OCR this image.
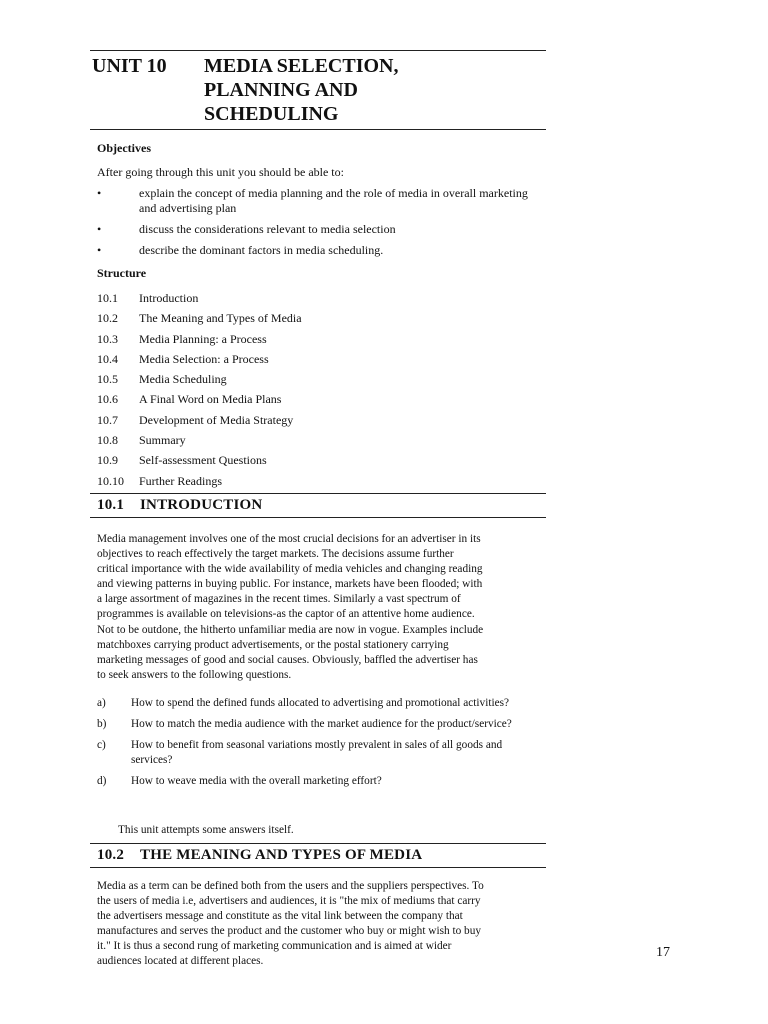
UNIT 10 MEDIA SELECTION,
PLANNING AND
SCHEDULING
Objectives
After going through this unit you should be able to:
•	explain the concept of media planning and the role of media in overall marketing and advertising plan
•	discuss the considerations relevant to media selection
•	describe the dominant factors in media scheduling.
Structure
10.1 Introduction
10.2 The Meaning and Types of Media
10.3 Media Planning: a Process
10.4 Media Selection: a Process
10.5 Media Scheduling
10.6 A Final Word on Media Plans
10.7 Development of Media Strategy
10.8 Summary
10.9 Self-assessment Questions
10.10 Further Readings
10.1 INTRODUCTION
Media management involves one of the most crucial decisions for an advertiser in its
objectives to reach effectively the target markets. The decisions assume further
critical importance with the wide availability of media vehicles and changing reading
and viewing patterns in buying public. For instance, markets have been flooded; with
a large assortment of magazines in the recent times. Similarly a vast spectrum of
programmes is available on televisions-as the captor of an attentive home audience.
Not to be outdone, the hitherto unfamiliar media are now in vogue. Examples include
matchboxes carrying product advertisements, or the postal stationery carrying
marketing messages of good and social causes. Obviously, baffled the advertiser has
to seek answers to the following questions.
a) How to spend the defined funds allocated to advertising and promotional activities?
b) How to match the media audience with the market audience for the product/service?
c) How to benefit from seasonal variations mostly prevalent in sales of all goods and services?
d) How to weave media with the overall marketing effort?
This unit attempts some answers itself.
10.2 THE MEANING AND TYPES OF MEDIA
Media as a term can be defined both from the users and the suppliers perspectives. To
the users of media i.e, advertisers and audiences, it is "the mix of mediums that carry
the advertisers message and constitute as the vital link between the company that
manufactures and serves the product and the customer who buy or might wish to buy
it." It is thus a second rung of marketing communication and is aimed at wider
audiences located at different places.
17
